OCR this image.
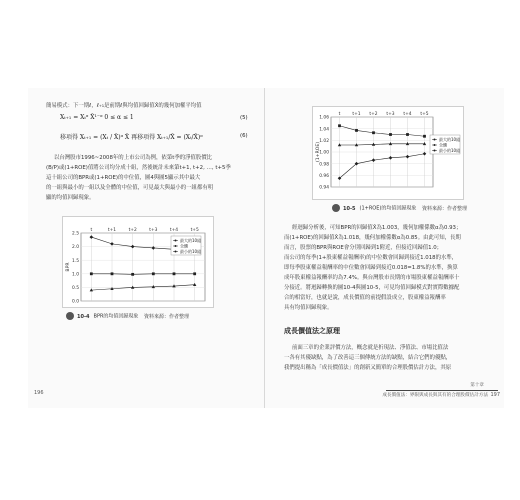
簡易模式：下一期ℓ，ℓ₊₁是前期ℓ與均值回歸值X̂的幾何加權平均值
Xₜ₊₁ = Xₜᵅ X̂¹⁻ᵅ 0 ≤ α ≤ 1	(5)
移項得 Xₜ₊₁ = (Xₜ / X̂)ᵅ X̂ 再移項得 Xₜ₊₁/X̂ = (Xₜ/X̂)ᵅ	(6)
以台灣股市1996~2008年的上市公司為例，依第t季的淨值股價比
(B/P)或(1+ROE)值將公司均分成十組，然後統計未來第t+1, t+2, …, t+5季
這十組公司的BPR或(1+ROE)的中位值，圖4與圖5顯示其中最大
的一組與最小的一組以及全體的中位值，可見最大與最小的一組都有明
顯的均值回歸現象。
0.0
0.5
1.0
1.5
2.0
2.5
t	t+1	t+2	t+3	t+4	t+5
BPR
最大的10組
全體
最小的10組
10-4 BPR的均值回歸現象 資料來源：作者整理
196
0.94
0.96
0.98
1.00
1.02
1.04
1.06
t	t+1 t+2 t+3 t+4 t+5
(1+ROE)
最大的10組
全體
最小的10組
10-5 (1+ROE)的均值回歸現象 資料來源：作者整理
經迴歸分析後，可知BPR的回歸值X̂為1.003，幾何加權係數α為0.93；
而(1+ROE)的回歸值X̂為1.018，幾何加權係數α為0.85。由此可知，長期
而言，股票的BPR與ROE會分別回歸到1附近，但接近回歸值1.0；
而公司的每季(1+股東權益報酬率)的中位數會回歸到接近1.018的水準，
即每季股東權益報酬率的中位數會回歸到接近0.018=1.8%的水準，換算
成年股東權益報酬率約為7.4%。與台灣股市長期的市場股東權益報酬率十
分接近。將迴歸轉換的圖10-4與圖10-5，可見均值回歸模式對實際數據配
合的相當好，也就是說，成長價值的前提假設成立，股東權益報酬率
具有均值回歸現象。
成長價值法之原理
前面三章的企業評價方法，概念就是折現法、淨值法、市場比值法
一各有其優缺點，為了改善這三個傳統方法的缺點，結合它們的優點，
我們提出稱為「成長價值法」的創新又簡單的合理股價估計方法，其原
第十章
成長價值法：界限與成長與其有的合理股價估計方法 197
